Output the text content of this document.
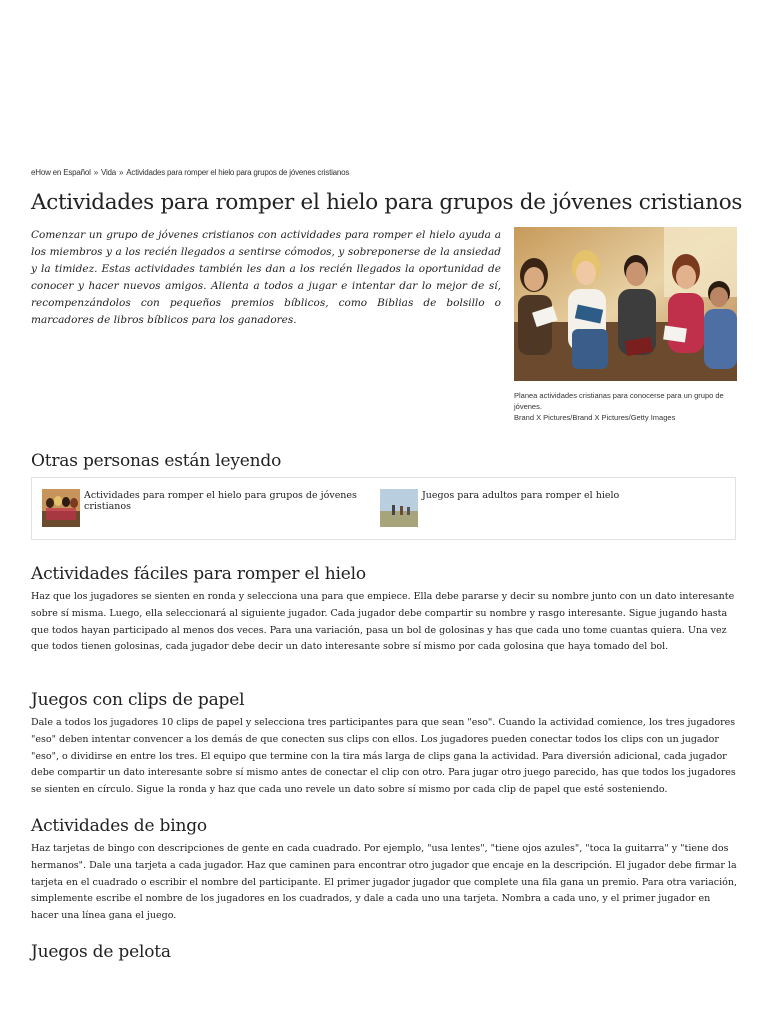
eHow en Español » Vida » Actividades para romper el hielo para grupos de jóvenes cristianos
Actividades para romper el hielo para grupos de jóvenes cristianos

Comenzar un grupo de jóvenes cristianos con actividades para romper el hielo ayuda a los miembros y a los recién llegados a sentirse cómodos, y sobreponerse de la ansiedad y la timidez. Estas actividades también les dan a los recién llegados la oportunidad de conocer y hacer nuevos amigos. Alienta a todos a jugar e intentar dar lo mejor de sí, recompenzándolos con pequeños premios bíblicos, como Biblias de bolsillo o marcadores de libros bíblicos para los ganadores.

Planea actividades cristianas para conocerse para un grupo de jóvenes.
Brand X Pictures/Brand X Pictures/Getty Images
Otras personas están leyendo
Actividades para romper el hielo para grupos de jóvenes cristianos
Juegos para adultos para romper el hielo
Actividades fáciles para romper el hielo

Haz que los jugadores se sienten en ronda y selecciona una para que empiece. Ella debe pararse y decir su nombre junto con un dato interesante sobre sí misma. Luego, ella seleccionará al siguiente jugador. Cada jugador debe compartir su nombre y rasgo interesante. Sigue jugando hasta que todos hayan participado al menos dos veces. Para una variación, pasa un bol de golosinas y has que cada uno tome cuantas quiera. Una vez que todos tienen golosinas, cada jugador debe decir un dato interesante sobre sí mismo por cada golosina que haya tomado del bol.

Juegos con clips de papel

Dale a todos los jugadores 10 clips de papel y selecciona tres participantes para que sean "eso". Cuando la actividad comience, los tres jugadores "eso" deben intentar convencer a los demás de que conecten sus clips con ellos. Los jugadores pueden conectar todos los clips con un jugador "eso", o dividirse en entre los tres. El equipo que termine con la tira más larga de clips gana la actividad. Para diversión adicional, cada jugador debe compartir un dato interesante sobre sí mismo antes de conectar el clip con otro. Para jugar otro juego parecido, has que todos los jugadores se sienten en círculo. Sigue la ronda y haz que cada uno revele un dato sobre sí mismo por cada clip de papel que esté sosteniendo.

Actividades de bingo

Haz tarjetas de bingo con descripciones de gente en cada cuadrado. Por ejemplo, "usa lentes", "tiene ojos azules", "toca la guitarra" y "tiene dos hermanos". Dale una tarjeta a cada jugador. Haz que caminen para encontrar otro jugador que encaje en la descripción. El jugador debe firmar la tarjeta en el cuadrado o escribir el nombre del participante. El primer jugador jugador que complete una fila gana un premio. Para otra variación, simplemente escribe el nombre de los jugadores en los cuadrados, y dale a cada uno una tarjeta. Nombra a cada uno, y el primer jugador en hacer una línea gana el juego.

Juegos de pelota
